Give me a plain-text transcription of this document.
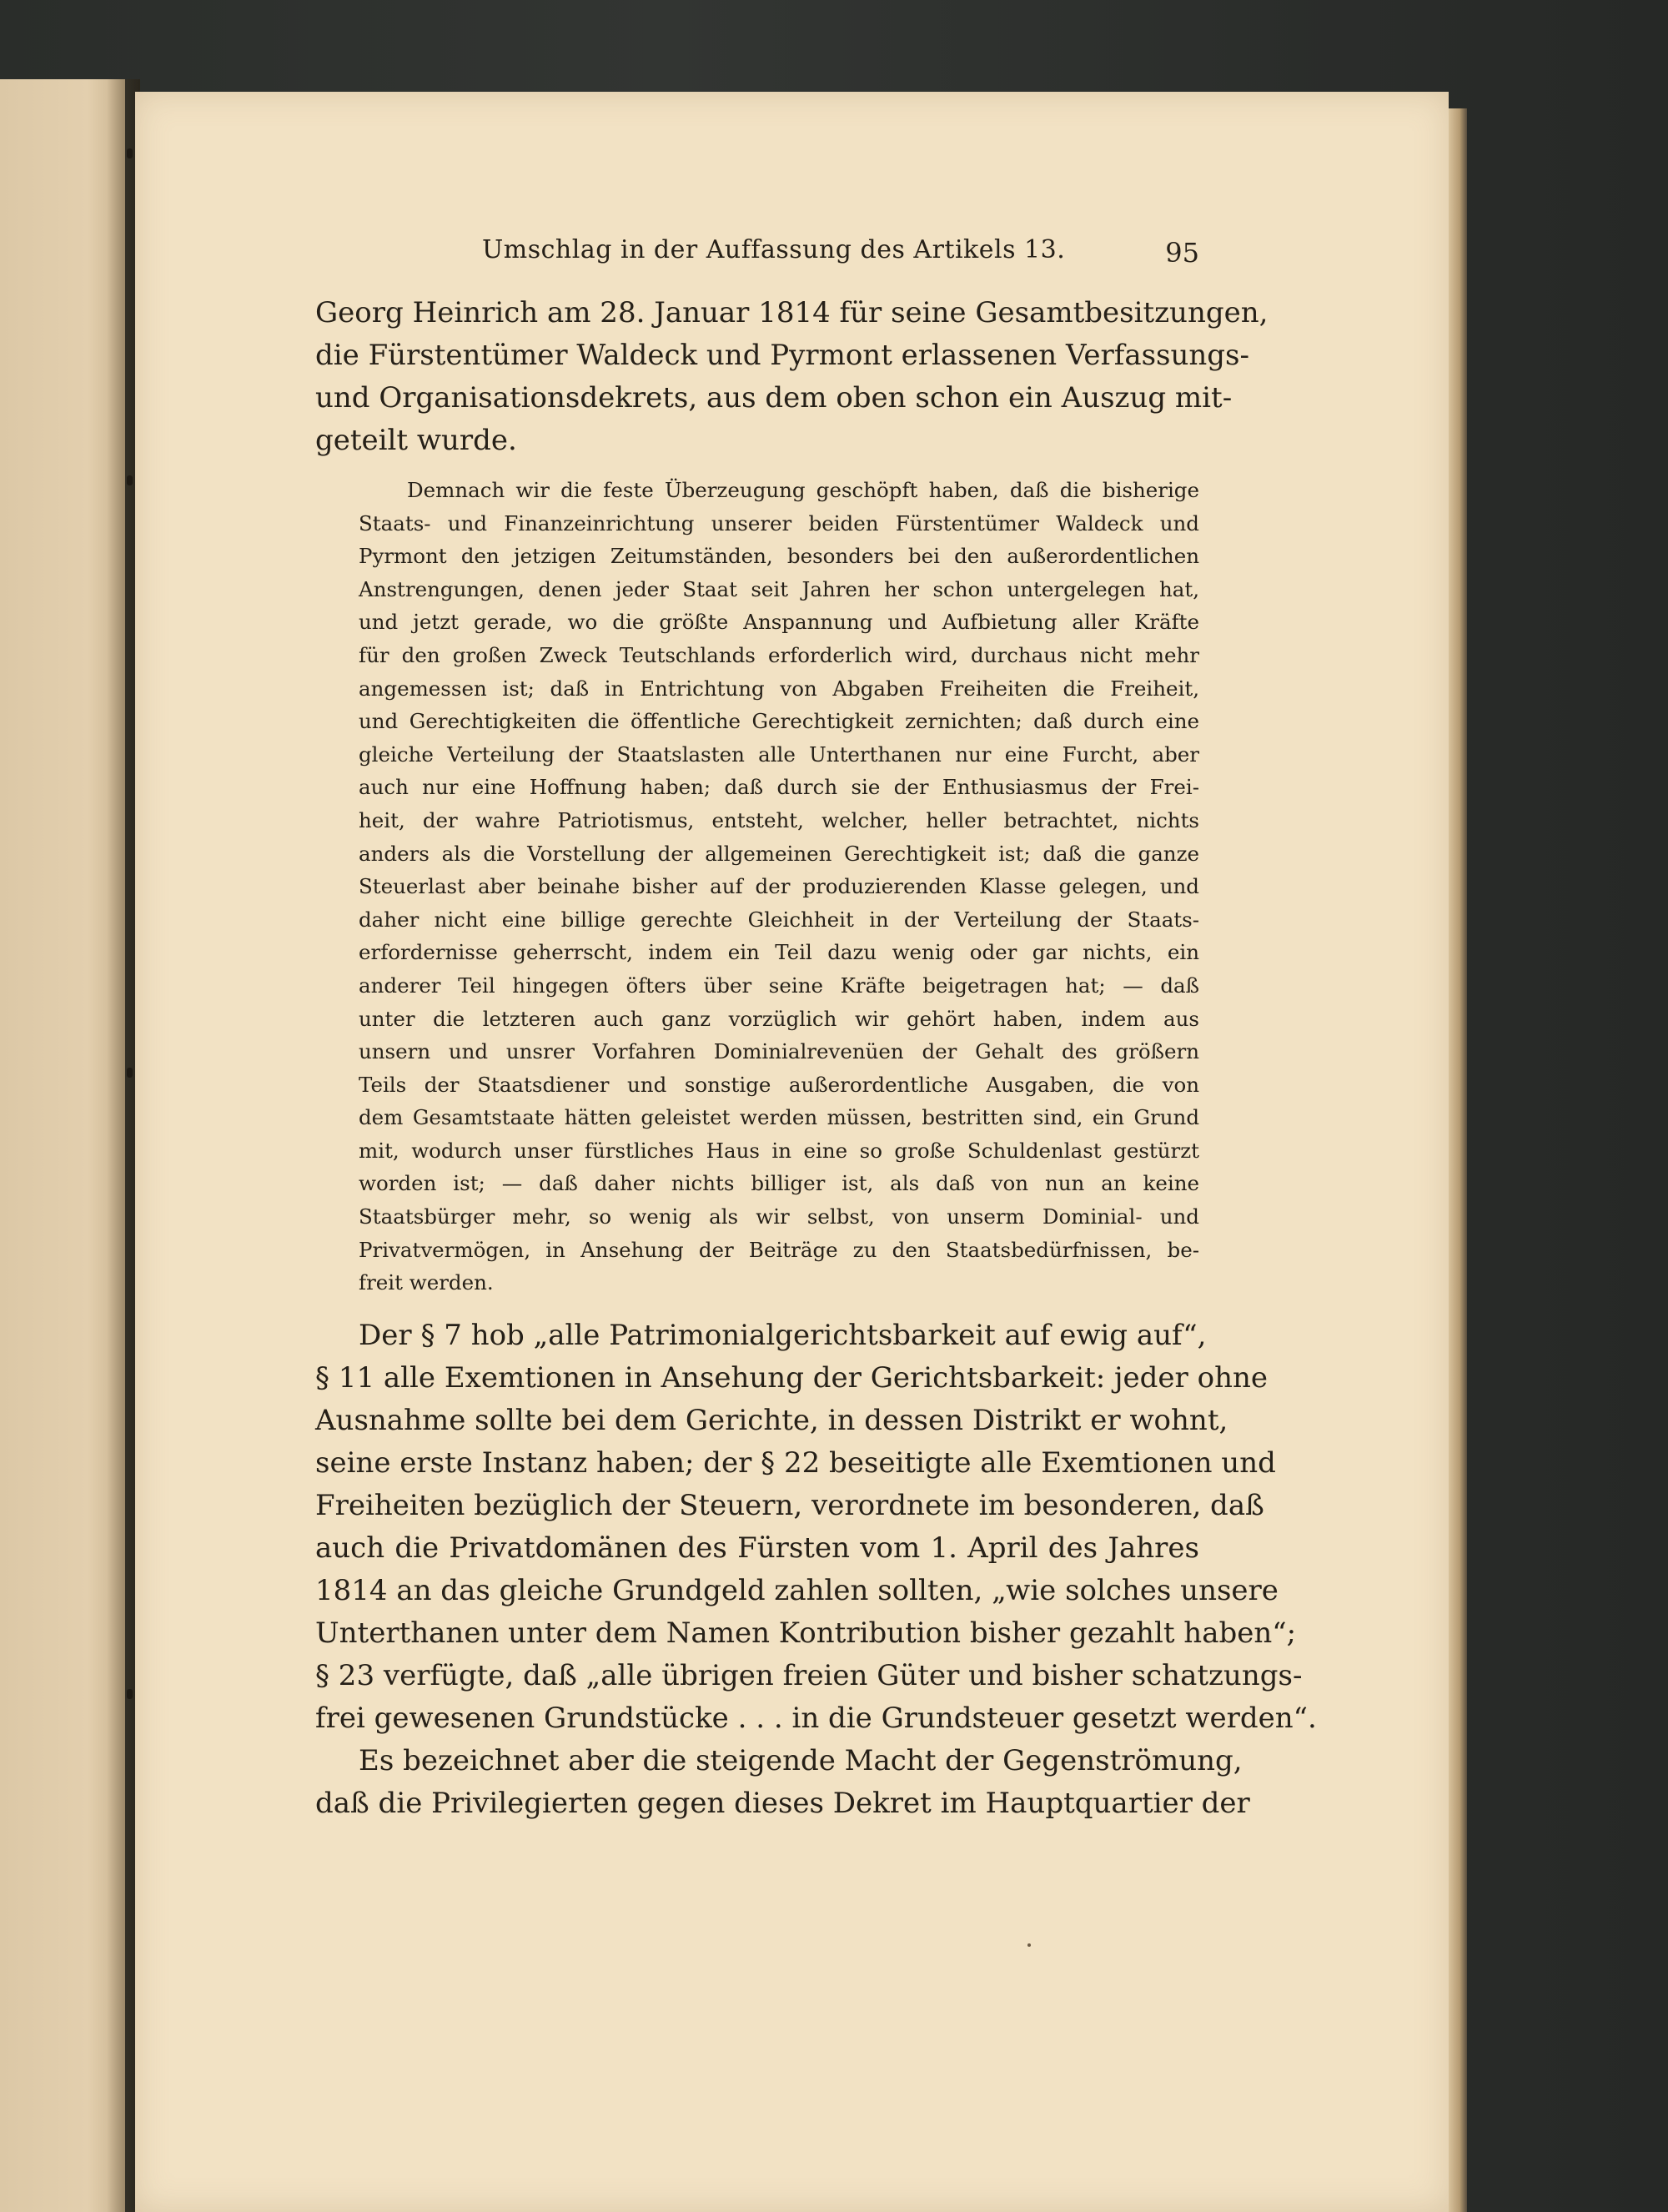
Umschlag in der Auffassung des Artikels 13.	95
Georg Heinrich am 28. Januar 1814 für seine Gesamtbesitzungen,
die Fürstentümer Waldeck und Pyrmont erlassenen Verfassungs-
und Organisationsdekrets, aus dem oben schon ein Auszug mit-
geteilt wurde.
Demnach wir die feste Überzeugung geschöpft haben, daß die bisherige
Staats- und Finanzeinrichtung unserer beiden Fürstentümer Waldeck und
Pyrmont den jetzigen Zeitumständen, besonders bei den außerordentlichen
Anstrengungen, denen jeder Staat seit Jahren her schon untergelegen hat,
und jetzt gerade, wo die größte Anspannung und Aufbietung aller Kräfte
für den großen Zweck Teutschlands erforderlich wird, durchaus nicht mehr
angemessen ist; daß in Entrichtung von Abgaben Freiheiten die Freiheit,
und Gerechtigkeiten die öffentliche Gerechtigkeit zernichten; daß durch eine
gleiche Verteilung der Staatslasten alle Unterthanen nur eine Furcht, aber
auch nur eine Hoffnung haben; daß durch sie der Enthusiasmus der Frei-
heit, der wahre Patriotismus, entsteht, welcher, heller betrachtet, nichts
anders als die Vorstellung der allgemeinen Gerechtigkeit ist; daß die ganze
Steuerlast aber beinahe bisher auf der produzierenden Klasse gelegen, und
daher nicht eine billige gerechte Gleichheit in der Verteilung der Staats-
erfordernisse geherrscht, indem ein Teil dazu wenig oder gar nichts, ein
anderer Teil hingegen öfters über seine Kräfte beigetragen hat; — daß
unter die letzteren auch ganz vorzüglich wir gehört haben, indem aus
unsern und unsrer Vorfahren Dominialrevenüen der Gehalt des größern
Teils der Staatsdiener und sonstige außerordentliche Ausgaben, die von
dem Gesamtstaate hätten geleistet werden müssen, bestritten sind, ein Grund
mit, wodurch unser fürstliches Haus in eine so große Schuldenlast gestürzt
worden ist; — daß daher nichts billiger ist, als daß von nun an keine
Staatsbürger mehr, so wenig als wir selbst, von unserm Dominial- und
Privatvermögen, in Ansehung der Beiträge zu den Staatsbedürfnissen, be-
freit werden.
Der § 7 hob „alle Patrimonialgerichtsbarkeit auf ewig auf“,
§ 11 alle Exemtionen in Ansehung der Gerichtsbarkeit: jeder ohne
Ausnahme sollte bei dem Gerichte, in dessen Distrikt er wohnt,
seine erste Instanz haben; der § 22 beseitigte alle Exemtionen und
Freiheiten bezüglich der Steuern, verordnete im besonderen, daß
auch die Privatdomänen des Fürsten vom 1. April des Jahres
1814 an das gleiche Grundgeld zahlen sollten, „wie solches unsere
Unterthanen unter dem Namen Kontribution bisher gezahlt haben“;
§ 23 verfügte, daß „alle übrigen freien Güter und bisher schatzungs-
frei gewesenen Grundstücke . . . in die Grundsteuer gesetzt werden“.
Es bezeichnet aber die steigende Macht der Gegenströmung,
daß die Privilegierten gegen dieses Dekret im Hauptquartier der
